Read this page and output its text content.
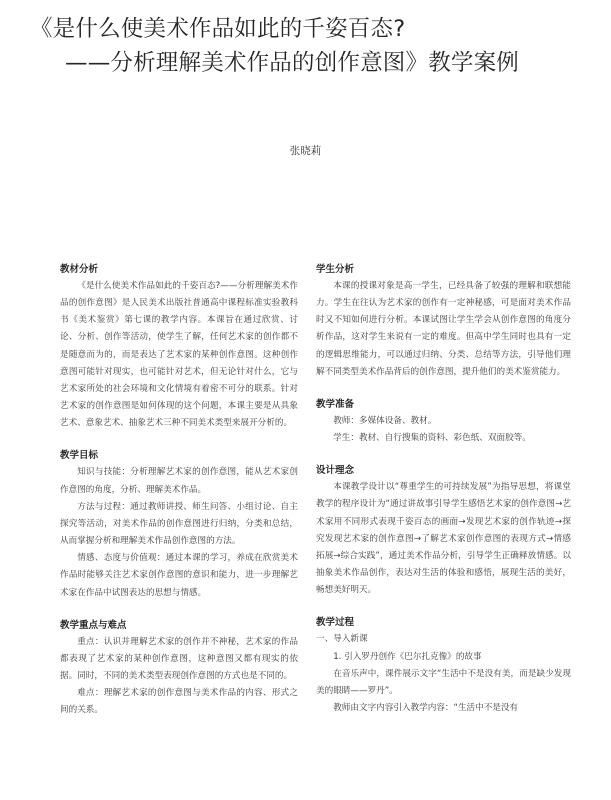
《是什么使美术作品如此的千姿百态?
——分析理解美术作品的创作意图》教学案例
张晓莉

教材分析

《是什么使美术作品如此的千姿百态?——分析理解美术作品的创作意图》是人民美术出版社普通高中课程标准实验教科书《美术鉴赏》第七课的教学内容。本课旨在通过欣赏、讨论、分析、创作等活动，使学生了解，任何艺术家的创作都不是随意而为的，而是表达了艺术家的某种创作意图。这种创作意图可能针对现实，也可能针对艺术，但无论针对什么，它与艺术家所处的社会环境和文化情境有着密不可分的联系。针对艺术家的创作意图是如何体现的这个问题，本课主要是从具象艺术、意象艺术、抽象艺术三种不同美术类型来展开分析的。

教学目标

知识与技能：分析理解艺术家的创作意图，能从艺术家创作意图的角度，分析、理解美术作品。

方法与过程：通过教师讲授、师生问答、小组讨论、自主探究等活动，对美术作品的创作意图进行归纳，分类和总结，从而掌握分析和理解美术作品创作意图的方法。

情感、态度与价值观：通过本课的学习，养成在欣赏美术作品时能够关注艺术家创作意图的意识和能力，进一步理解艺术家在作品中试图表达的思想与情感。

教学重点与难点

重点：认识并理解艺术家的创作并不神秘，艺术家的作品都表现了艺术家的某种创作意图，这种意图又都有现实的依据。同时，不同的美术类型表现创作意图的方式也是不同的。

难点：理解艺术家的创作意图与美术作品的内容、形式之间的关系。

学生分析

本课的授课对象是高一学生，已经具备了较强的理解和联想能力。学生在往认为艺术家的创作有一定神秘感，可是面对美术作品时又不知如何进行分析。本课试图让学生学会从创作意图的角度分析作品，这对学生来说有一定的难度。但高中学生同时也具有一定的逻辑思维能力，可以通过归纳、分类、总结等方法，引导他们理解不同类型美术作品背后的创作意图，提升他们的美术鉴赏能力。

教学准备

教师：多媒体设备、教材。

学生：教材、自行搜集的资料、彩色纸、双面胶等。

设计理念

本课教学设计以“尊重学生的可持续发展”为指导思想，将课堂教学的程序设计为“通过讲故事引导学生感悟艺术家的创作意图→艺术家用不同形式表现千姿百态的画面→发现艺术家的创作轨迹→探究发现艺术家的创作意图→了解艺术家创作意图的表现方式→情感拓展→综合实践”，通过美术作品分析，引导学生正确释放情感。以抽象美术作品创作，表达对生活的体验和感悟，展现生活的美好，畅想美好明天。

教学过程

一、导入新课

1. 引入罗丹创作《巴尔扎克像》的故事

在音乐声中，课件展示文字“生活中不是没有美，而是缺少发现美的眼睛——罗丹”。

教师由文字内容引入教学内容：“生活中不是没有
